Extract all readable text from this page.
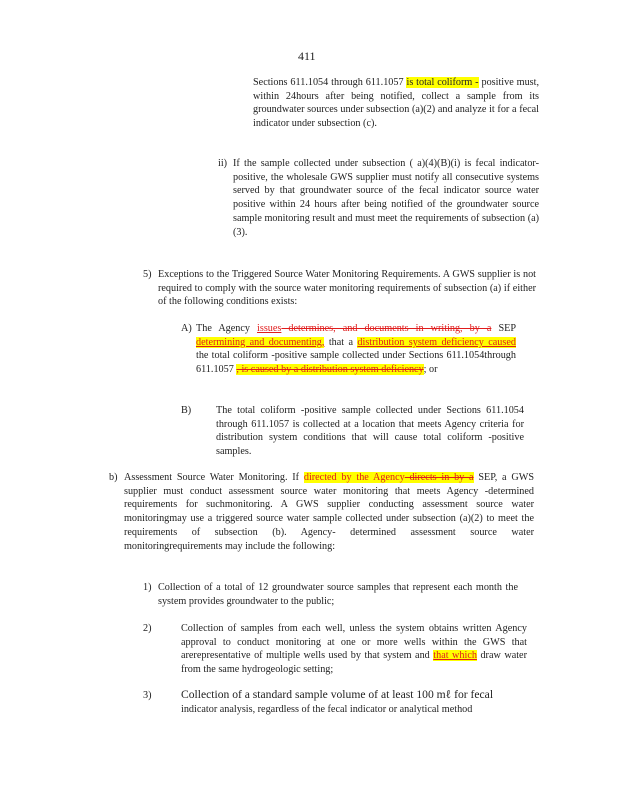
411
Sections 611.1054 through 611.1057 is total coliform - positive must, within 24hours after being notified, collect a sample from its groundwater sources under subsection (a)(2) and analyze it for a fecal indicator under subsection (c).
ii) If the sample collected under subsection ( a)(4)(B)(i) is fecal indicator-positive, the wholesale GWS supplier must notify all consecutive systems served by that groundwater source of the fecal indicator source water positive within 24 hours after being notified of the groundwater source sample monitoring result and must meet the requirements of subsection (a)(3).
5) Exceptions to the Triggered Source Water Monitoring Requirements. A GWS supplier is not required to comply with the source water monitoring requirements of subsection (a) if either of the following conditions exists:
A) The Agency issues determines, and documents in writing, by a SEP determining and documenting, that a distribution system deficiency caused the total coliform -positive sample collected under Sections 611.1054through 611.1057 , is caused by a distribution system deficiency; or
B) The total coliform -positive sample collected under Sections 611.1054 through 611.1057 is collected at a location that meets Agency criteria for distribution system conditions that will cause total coliform -positive samples.
b) Assessment Source Water Monitoring. If directed by the Agency directs in by a SEP, a GWS supplier must conduct assessment source water monitoring that meets Agency -determined requirements for suchmonitoring. A GWS supplier conducting assessment source water monitoringmay use a triggered source water sample collected under subsection (a)(2) to meet the requirements of subsection (b). Agency- determined assessment source water monitoringrequirements may include the following:
1) Collection of a total of 12 groundwater source samples that represent each month the system provides groundwater to the public;
2)	Collection of samples from each well, unless the system obtains written Agency approval to conduct monitoring at one or more wells within the GWS that arerepresentative of multiple wells used by that system and that which draw water from the same hydrogeologic setting;
3)	Collection of a standard sample volume of at least 100 mℓ for fecal
indicator analysis, regardless of the fecal indicator or analytical method
